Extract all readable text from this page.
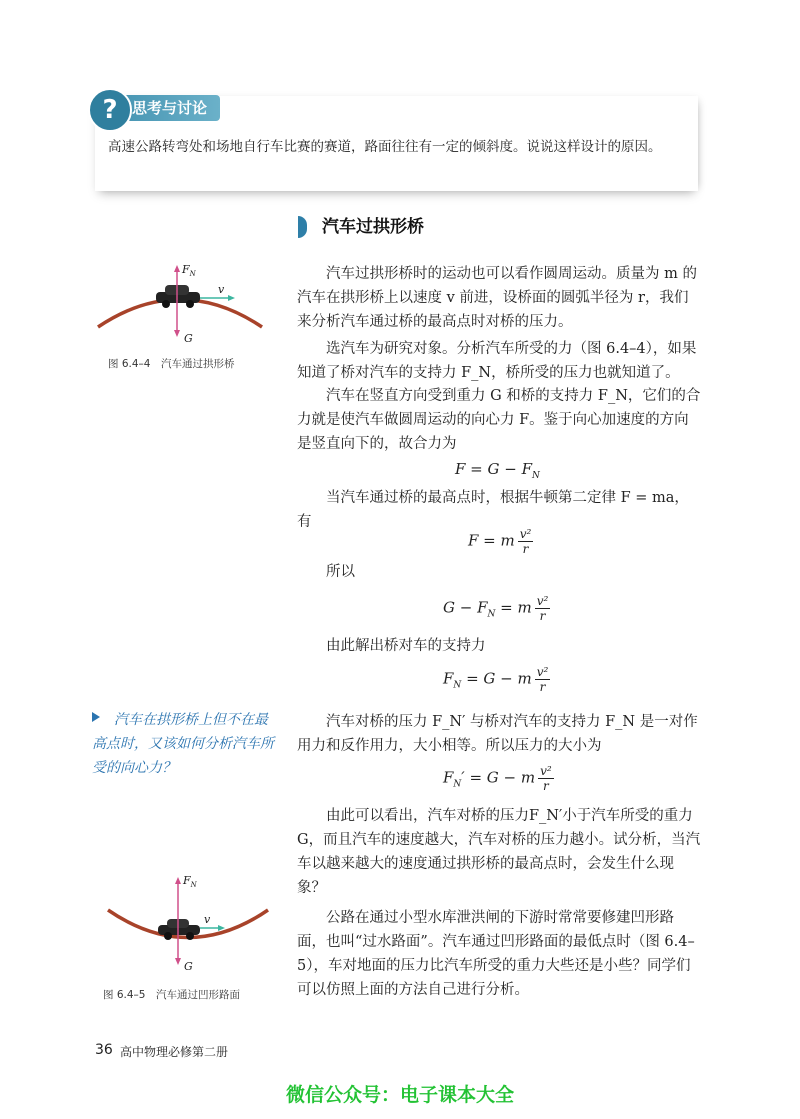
? 思考与讨论
高速公路转弯处和场地自行车比赛的赛道，路面往往有一定的倾斜度。说说这样设计的原因。
汽车过拱形桥
$F_N$
G
v
图 6.4–4　汽车通过拱形桥
汽车过拱形桥时的运动也可以看作圆周运动。质量为 m 的汽车在拱形桥上以速度 v 前进，设桥面的圆弧半径为 r，我们来分析汽车通过桥的最高点时对桥的压力。
选汽车为研究对象。分析汽车所受的力（图 6.4–4），如果知道了桥对汽车的支持力 F_N，桥所受的压力也就知道了。
汽车在竖直方向受到重力 G 和桥的支持力 F_N，它们的合力就是使汽车做圆周运动的向心力 F。鉴于向心加速度的方向是竖直向下的，故合力为
$F = G - F_N$
当汽车通过桥的最高点时，根据牛顿第二定律 F = ma，有
F = m $\frac{\text{v²}}{r}$
所以
$G - F_N = m \frac{\text{v²}}{r}$
由此解出桥对车的支持力
$F_N = G - m \frac{\text{v²}}{r}$
汽车在拱形桥上但不在最高点时，又该如何分析汽车所受的向心力？
汽车对桥的压力 F_N′ 与桥对汽车的支持力 F_N 是一对作用力和反作用力，大小相等。所以压力的大小为
$F_N' = G - m \frac{\text{v²}}{r}$
由此可以看出，汽车对桥的压力F_N′小于汽车所受的重力G，而且汽车的速度越大，汽车对桥的压力越小。试分析，当汽车以越来越大的速度通过拱形桥的最高点时，会发生什么现象？
公路在通过小型水库泄洪闸的下游时常常要修建凹形路面，也叫“过水路面”。汽车通过凹形路面的最低点时（图 6.4–5），车对地面的压力比汽车所受的重力大些还是小些？同学们可以仿照上面的方法自己进行分析。
$F_N$
G
v
图 6.4–5　汽车通过凹形路面
36 高中物理必修第二册
微信公众号：电子课本大全
